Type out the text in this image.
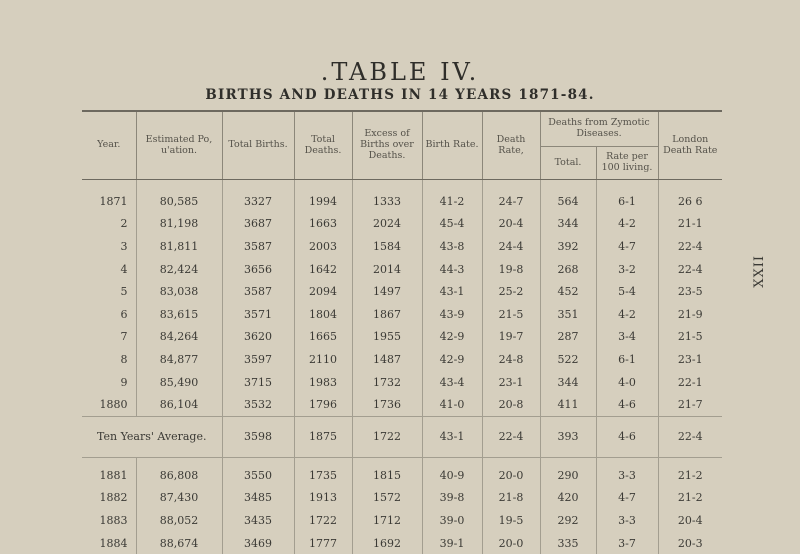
.TABLE IV.
BIRTHS AND DEATHS IN 14 YEARS 1871-84.
XXII
Year.	Estimated Po, u'ation.	Total Births.	Total Deaths.	Excess of Births over Deaths.	Birth Rate.	Death Rate,	Deaths from Zymotic Diseases.		London Death Rate
							Total.	Rate per 100 living.	

1871	80,585	3327	1994	1333	41-2	24-7	564	6-1	26 6
2	81,198	3687	1663	2024	45-4	20-4	344	4-2	21-1
3	81,811	3587	2003	1584	43-8	24-4	392	4-7	22-4
4	82,424	3656	1642	2014	44-3	19-8	268	3-2	22-4
5	83,038	3587	2094	1497	43-1	25-2	452	5-4	23-5
6	83,615	3571	1804	1867	43-9	21-5	351	4-2	21-9
7	84,264	3620	1665	1955	42-9	19-7	287	3-4	21-5
8	84,877	3597	2110	1487	42-9	24-8	522	6-1	23-1
9	85,490	3715	1983	1732	43-4	23-1	344	4-0	22-1
1880	86,104	3532	1796	1736	41-0	20-8	411	4-6	21-7
Ten Years' Average.		3598	1875	1722	43-1	22-4	393	4-6	22-4
1881	86,808	3550	1735	1815	40-9	20-0	290	3-3	21-2
1882	87,430	3485	1913	1572	39-8	21-8	420	4-7	21-2
1883	88,052	3435	1722	1712	39-0	19-5	292	3-3	20-4
1884	88,674	3469	1777	1692	39-1	20-0	335	3-7	20-3
